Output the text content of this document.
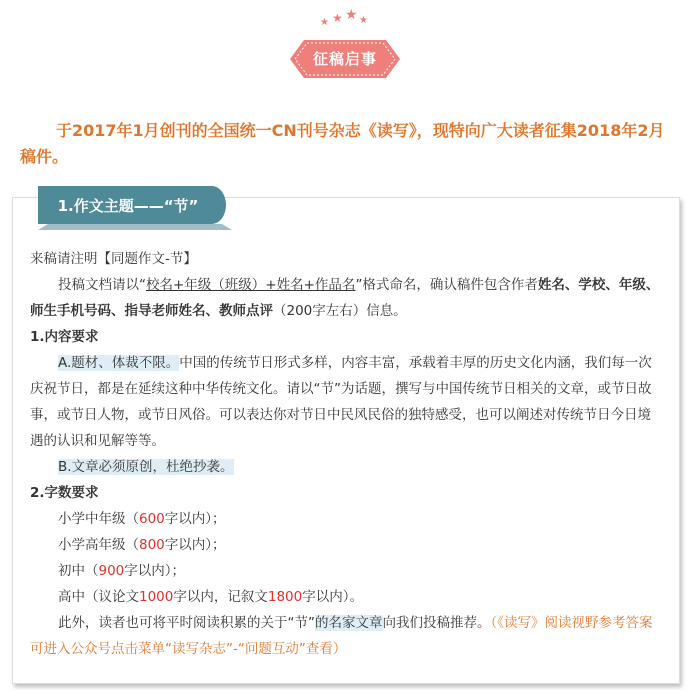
★ ★ ★ ★
征稿启事
于2017年1月创刊的全国统一CN刊号杂志《读写》，现特向广大读者征集2018年2月稿件。
1.作文主题——“节”
来稿请注明【同题作文-节】
投稿文档请以“校名+年级（班级）+姓名+作品名”格式命名，确认稿件包含作者姓名、学校、年级、师生手机号码、指导老师姓名、教师点评（200字左右）信息。
1.内容要求
A.题材、体裁不限。中国的传统节日形式多样，内容丰富，承载着丰厚的历史文化内涵，我们每一次庆祝节日，都是在延续这种中华传统文化。请以“节”为话题，撰写与中国传统节日相关的文章，或节日故事，或节日人物，或节日风俗。可以表达你对节日中民风民俗的独特感受，也可以阐述对传统节日今日境遇的认识和见解等等。
B.文章必须原创，杜绝抄袭。
2.字数要求
小学中年级（600字以内）；
小学高年级（800字以内）；
初中（900字以内）；
高中（议论文1000字以内，记叙文1800字以内）。
此外，读者也可将平时阅读积累的关于“节”的名家文章向我们投稿推荐。（《读写》阅读视野参考答案可进入公众号点击菜单“读写杂志”-“问题互动”查看）
